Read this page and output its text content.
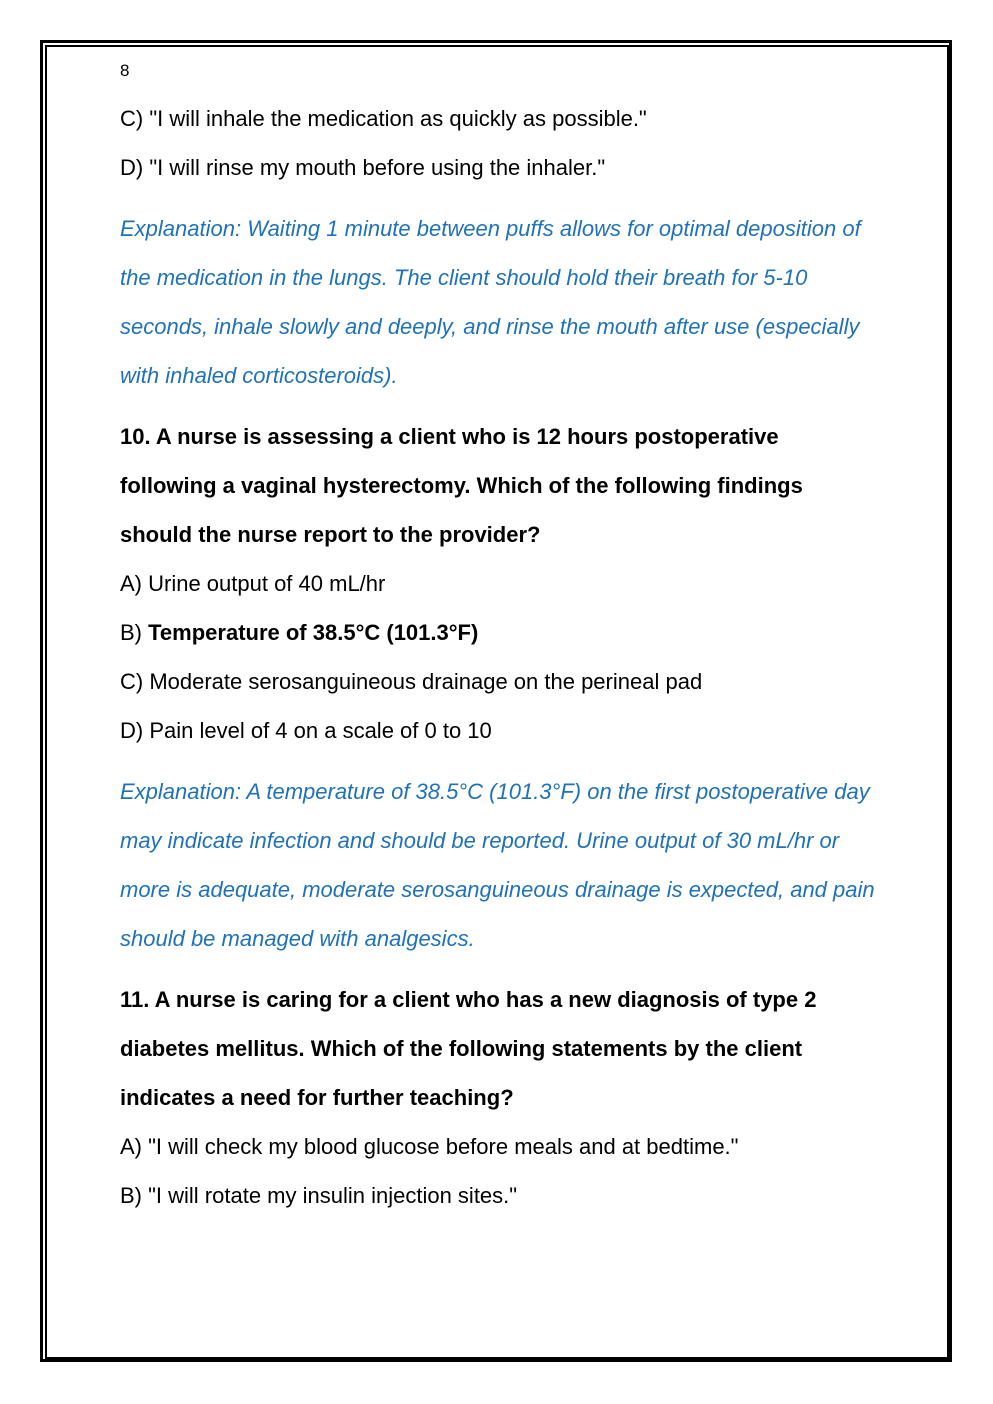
8

C) "I will inhale the medication as quickly as possible."

D) "I will rinse my mouth before using the inhaler."

Explanation: Waiting 1 minute between puffs allows for optimal deposition of the medication in the lungs. The client should hold their breath for 5-10 seconds, inhale slowly and deeply, and rinse the mouth after use (especially with inhaled corticosteroids).

10. A nurse is assessing a client who is 12 hours postoperative following a vaginal hysterectomy. Which of the following findings should the nurse report to the provider?

A) Urine output of 40 mL/hr

B) Temperature of 38.5°C (101.3°F)

C) Moderate serosanguineous drainage on the perineal pad

D) Pain level of 4 on a scale of 0 to 10

Explanation: A temperature of 38.5°C (101.3°F) on the first postoperative day may indicate infection and should be reported. Urine output of 30 mL/hr or more is adequate, moderate serosanguineous drainage is expected, and pain should be managed with analgesics.

11. A nurse is caring for a client who has a new diagnosis of type 2 diabetes mellitus. Which of the following statements by the client indicates a need for further teaching?

A) "I will check my blood glucose before meals and at bedtime."

B) "I will rotate my insulin injection sites."
